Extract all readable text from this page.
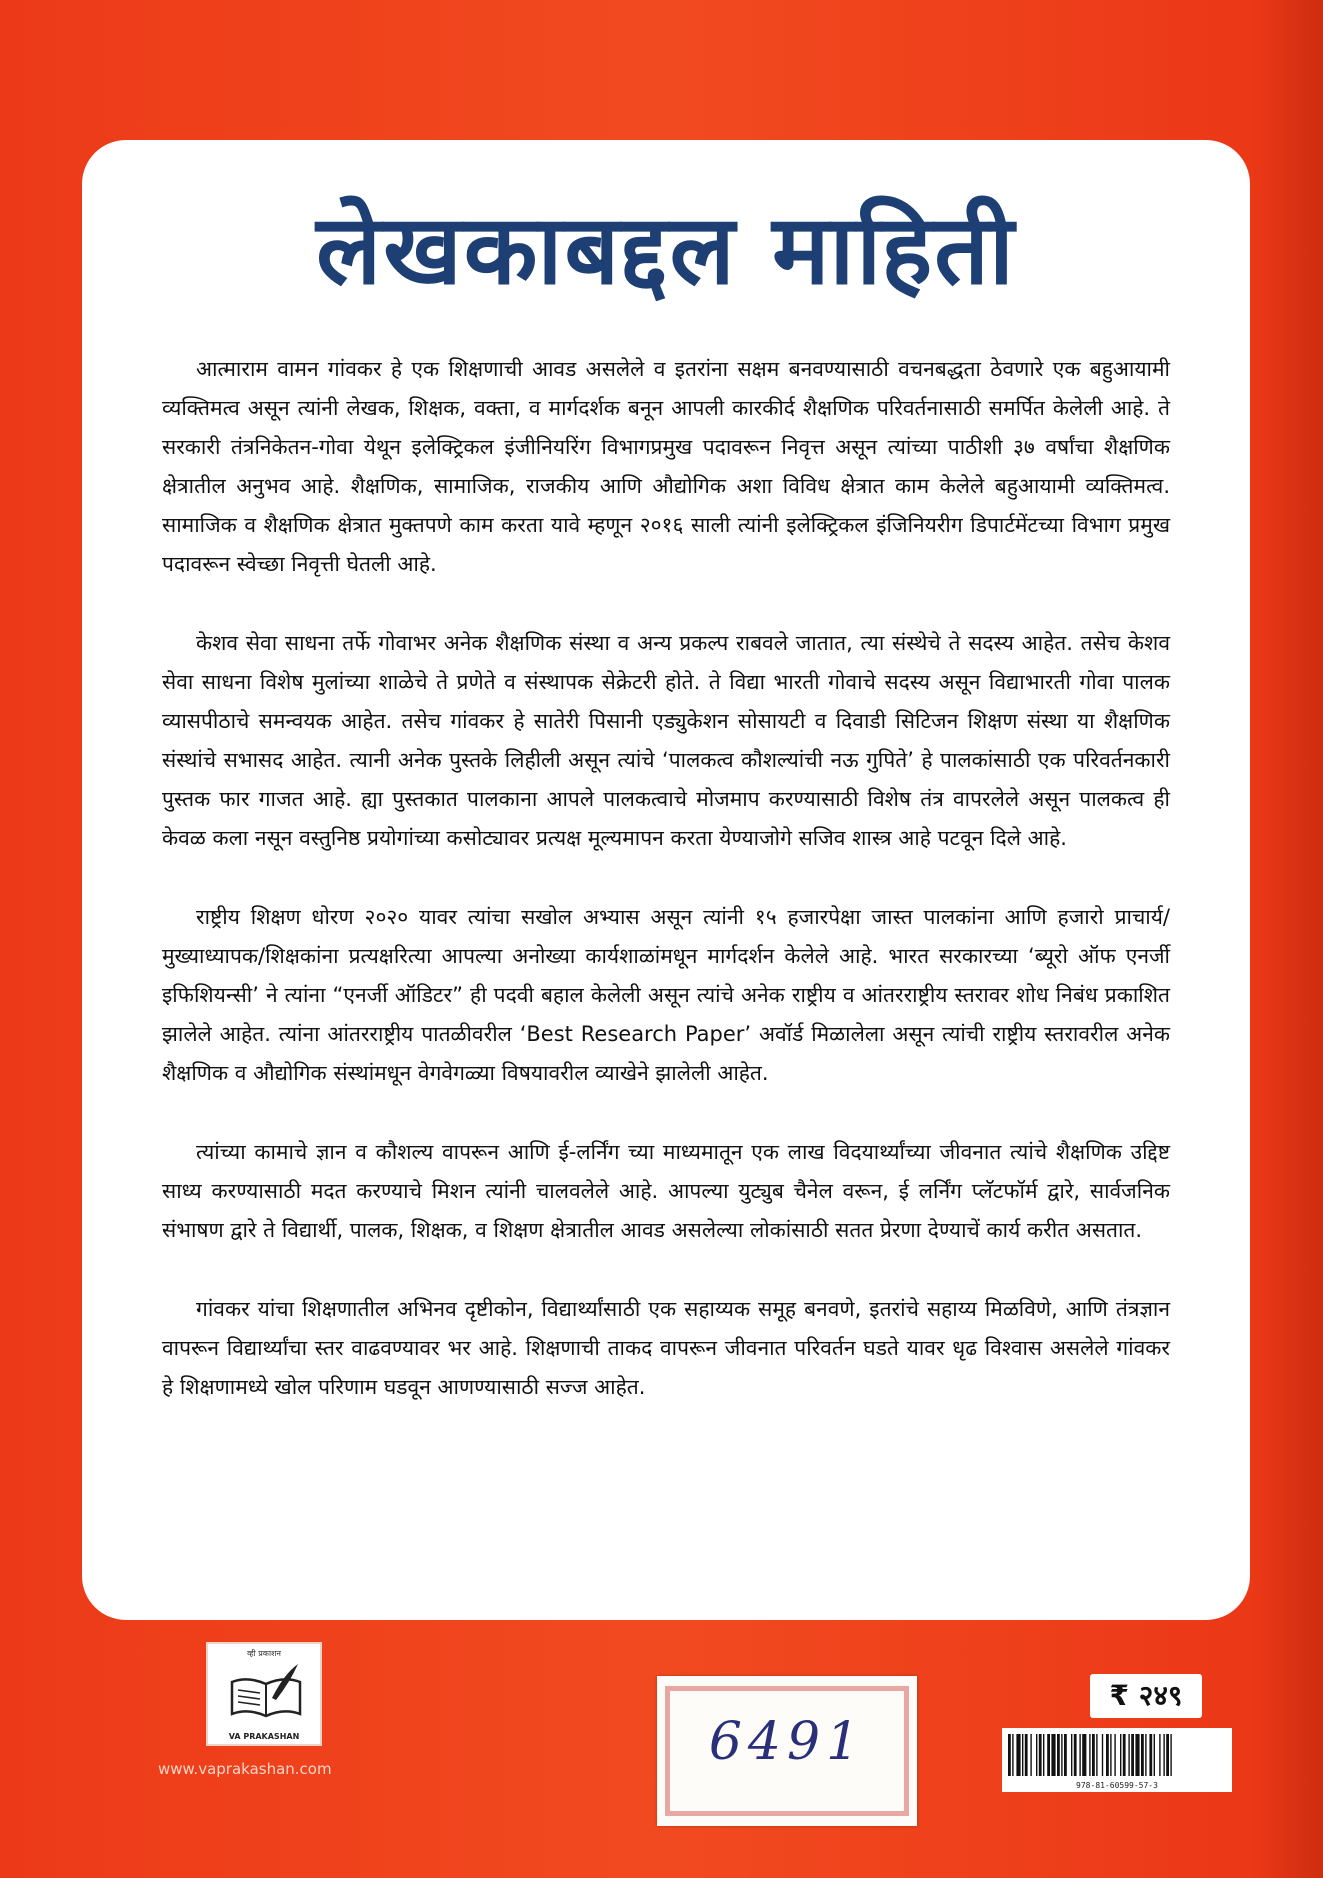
लेखकाबद्दल माहिती

आत्माराम वामन गांवकर हे एक शिक्षणाची आवड असलेले व इतरांना सक्षम बनवण्यासाठी वचनबद्धता ठेवणारे एक बहुआयामी व्यक्तिमत्व असून त्यांनी लेखक, शिक्षक, वक्ता, व मार्गदर्शक बनून आपली कारकीर्द शैक्षणिक परिवर्तनासाठी समर्पित केलेली आहे. ते सरकारी तंत्रनिकेतन-गोवा येथून इलेक्ट्रिकल इंजीनियरिंग विभागप्रमुख पदावरून निवृत्त असून त्यांच्या पाठीशी ३७ वर्षांचा शैक्षणिक क्षेत्रातील अनुभव आहे. शैक्षणिक, सामाजिक, राजकीय आणि औद्योगिक अशा विविध क्षेत्रात काम केलेले बहुआयामी व्यक्तिमत्व. सामाजिक व शैक्षणिक क्षेत्रात मुक्तपणे काम करता यावे म्हणून २०१६ साली त्यांनी इलेक्ट्रिकल इंजिनियरीग डिपार्टमेंटच्या विभाग प्रमुख पदावरून स्वेच्छा निवृत्ती घेतली आहे.

केशव सेवा साधना तर्फे गोवाभर अनेक शैक्षणिक संस्था व अन्य प्रकल्प राबवले जातात, त्या संस्थेचे ते सदस्य आहेत. तसेच केशव सेवा साधना विशेष मुलांच्या शाळेचे ते प्रणेते व संस्थापक सेक्रेटरी होते. ते विद्या भारती गोवाचे सदस्य असून विद्याभारती गोवा पालक व्यासपीठाचे समन्वयक आहेत. तसेच गांवकर हे सातेरी पिसानी एड्युकेशन सोसायटी व दिवाडी सिटिजन शिक्षण संस्था या शैक्षणिक संस्थांचे सभासद आहेत. त्यानी अनेक पुस्तके लिहीली असून त्यांचे ‘पालकत्व कौशल्यांची नऊ गुपिते’ हे पालकांसाठी एक परिवर्तनकारी पुस्तक फार गाजत आहे. ह्या पुस्तकात पालकाना आपले पालकत्वाचे मोजमाप करण्यासाठी विशेष तंत्र वापरलेले असून पालकत्व ही केवळ कला नसून वस्तुनिष्ठ प्रयोगांच्या कसोट्यावर प्रत्यक्ष मूल्यमापन करता येण्याजोगे सजिव शास्त्र आहे पटवून दिले आहे.

राष्ट्रीय शिक्षण धोरण २०२० यावर त्यांचा सखोल अभ्यास असून त्यांनी १५ हजारपेक्षा जास्त पालकांना आणि हजारो प्राचार्य/मुख्याध्यापक/शिक्षकांना प्रत्यक्षरित्या आपल्या अनोख्या कार्यशाळांमधून मार्गदर्शन केलेले आहे. भारत सरकारच्या ‘ब्यूरो ऑफ एनर्जी इफिशियन्सी’ ने त्यांना “एनर्जी ऑडिटर” ही पदवी बहाल केलेली असून त्यांचे अनेक राष्ट्रीय व आंतरराष्ट्रीय स्तरावर शोध निबंध प्रकाशित झालेले आहेत. त्यांना आंतरराष्ट्रीय पातळीवरील ‘Best Research Paper’ अवॉर्ड मिळालेला असून त्यांची राष्ट्रीय स्तरावरील अनेक शैक्षणिक व औद्योगिक संस्थांमधून वेगवेगळ्या विषयावरील व्याखेने झालेली आहेत.

त्यांच्या कामाचे ज्ञान व कौशल्य वापरून आणि ई-लर्निंग च्या माध्यमातून एक लाख विदयार्थ्यांच्या जीवनात त्यांचे शैक्षणिक उद्दिष्ट साध्य करण्यासाठी मदत करण्याचे मिशन त्यांनी चालवलेले आहे. आपल्या युट्युब चैनेल वरून, ई लर्निंग प्लॅटफॉर्म द्वारे, सार्वजनिक संभाषण द्वारे ते विद्यार्थी, पालक, शिक्षक, व शिक्षण क्षेत्रातील आवड असलेल्या लोकांसाठी सतत प्रेरणा देण्याचें कार्य करीत असतात.

गांवकर यांचा शिक्षणातील अभिनव दृष्टीकोन, विद्यार्थ्यांसाठी एक सहाय्यक समूह बनवणे, इतरांचे सहाय्य मिळविणे, आणि तंत्रज्ञान वापरून विद्यार्थ्यांचा स्तर वाढवण्यावर भर आहे. शिक्षणाची ताकद वापरून जीवनात परिवर्तन घडते यावर धृढ विश्वास असलेले गांवकर हे शिक्षणामध्ये खोल परिणाम घडवून आणण्यासाठी सज्ज आहेत.

व्ही प्रकाशन
VA PRAKASHAN
www.vaprakashan.com	6491
₹ २४९
978-81-60599-57-3
